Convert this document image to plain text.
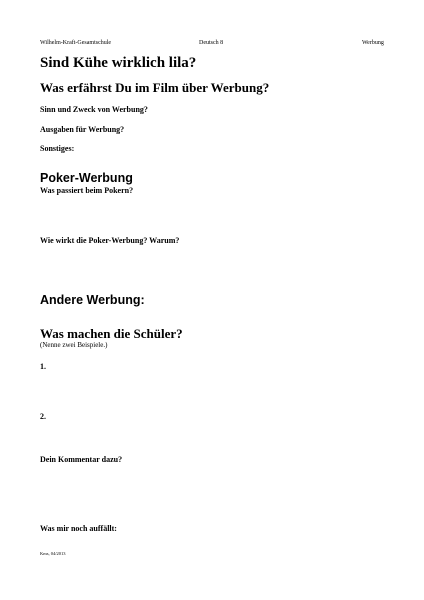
Wilhelm-Kraft-Gesamtschule	Deutsch 8	Werbung
Sind Kühe wirklich lila?
Was erfährst Du im Film über Werbung?
Sinn und Zweck von Werbung?
Ausgaben für Werbung?
Sonstiges:
Poker-Werbung
Was passiert beim Pokern?
Wie wirkt die Poker-Werbung? Warum?
Andere Werbung:
Was machen die Schüler?
(Nenne zwei Beispiele.)
1.
2.
Dein Kommentar dazu?
Was mir noch auffällt:
Kms, 04/2013
